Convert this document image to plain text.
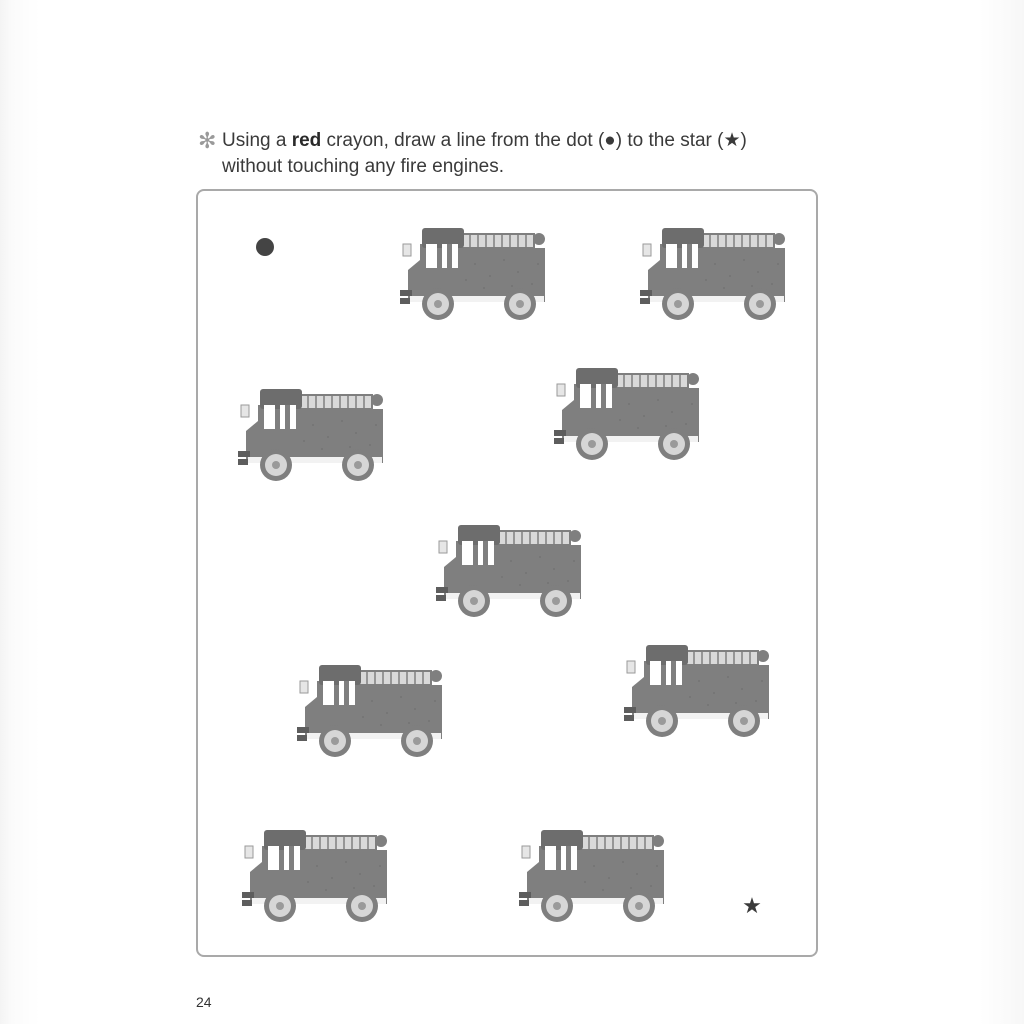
✻ Using a red crayon, draw a line from the dot (●) to the star (★)
without touching any fire engines.
★
24
